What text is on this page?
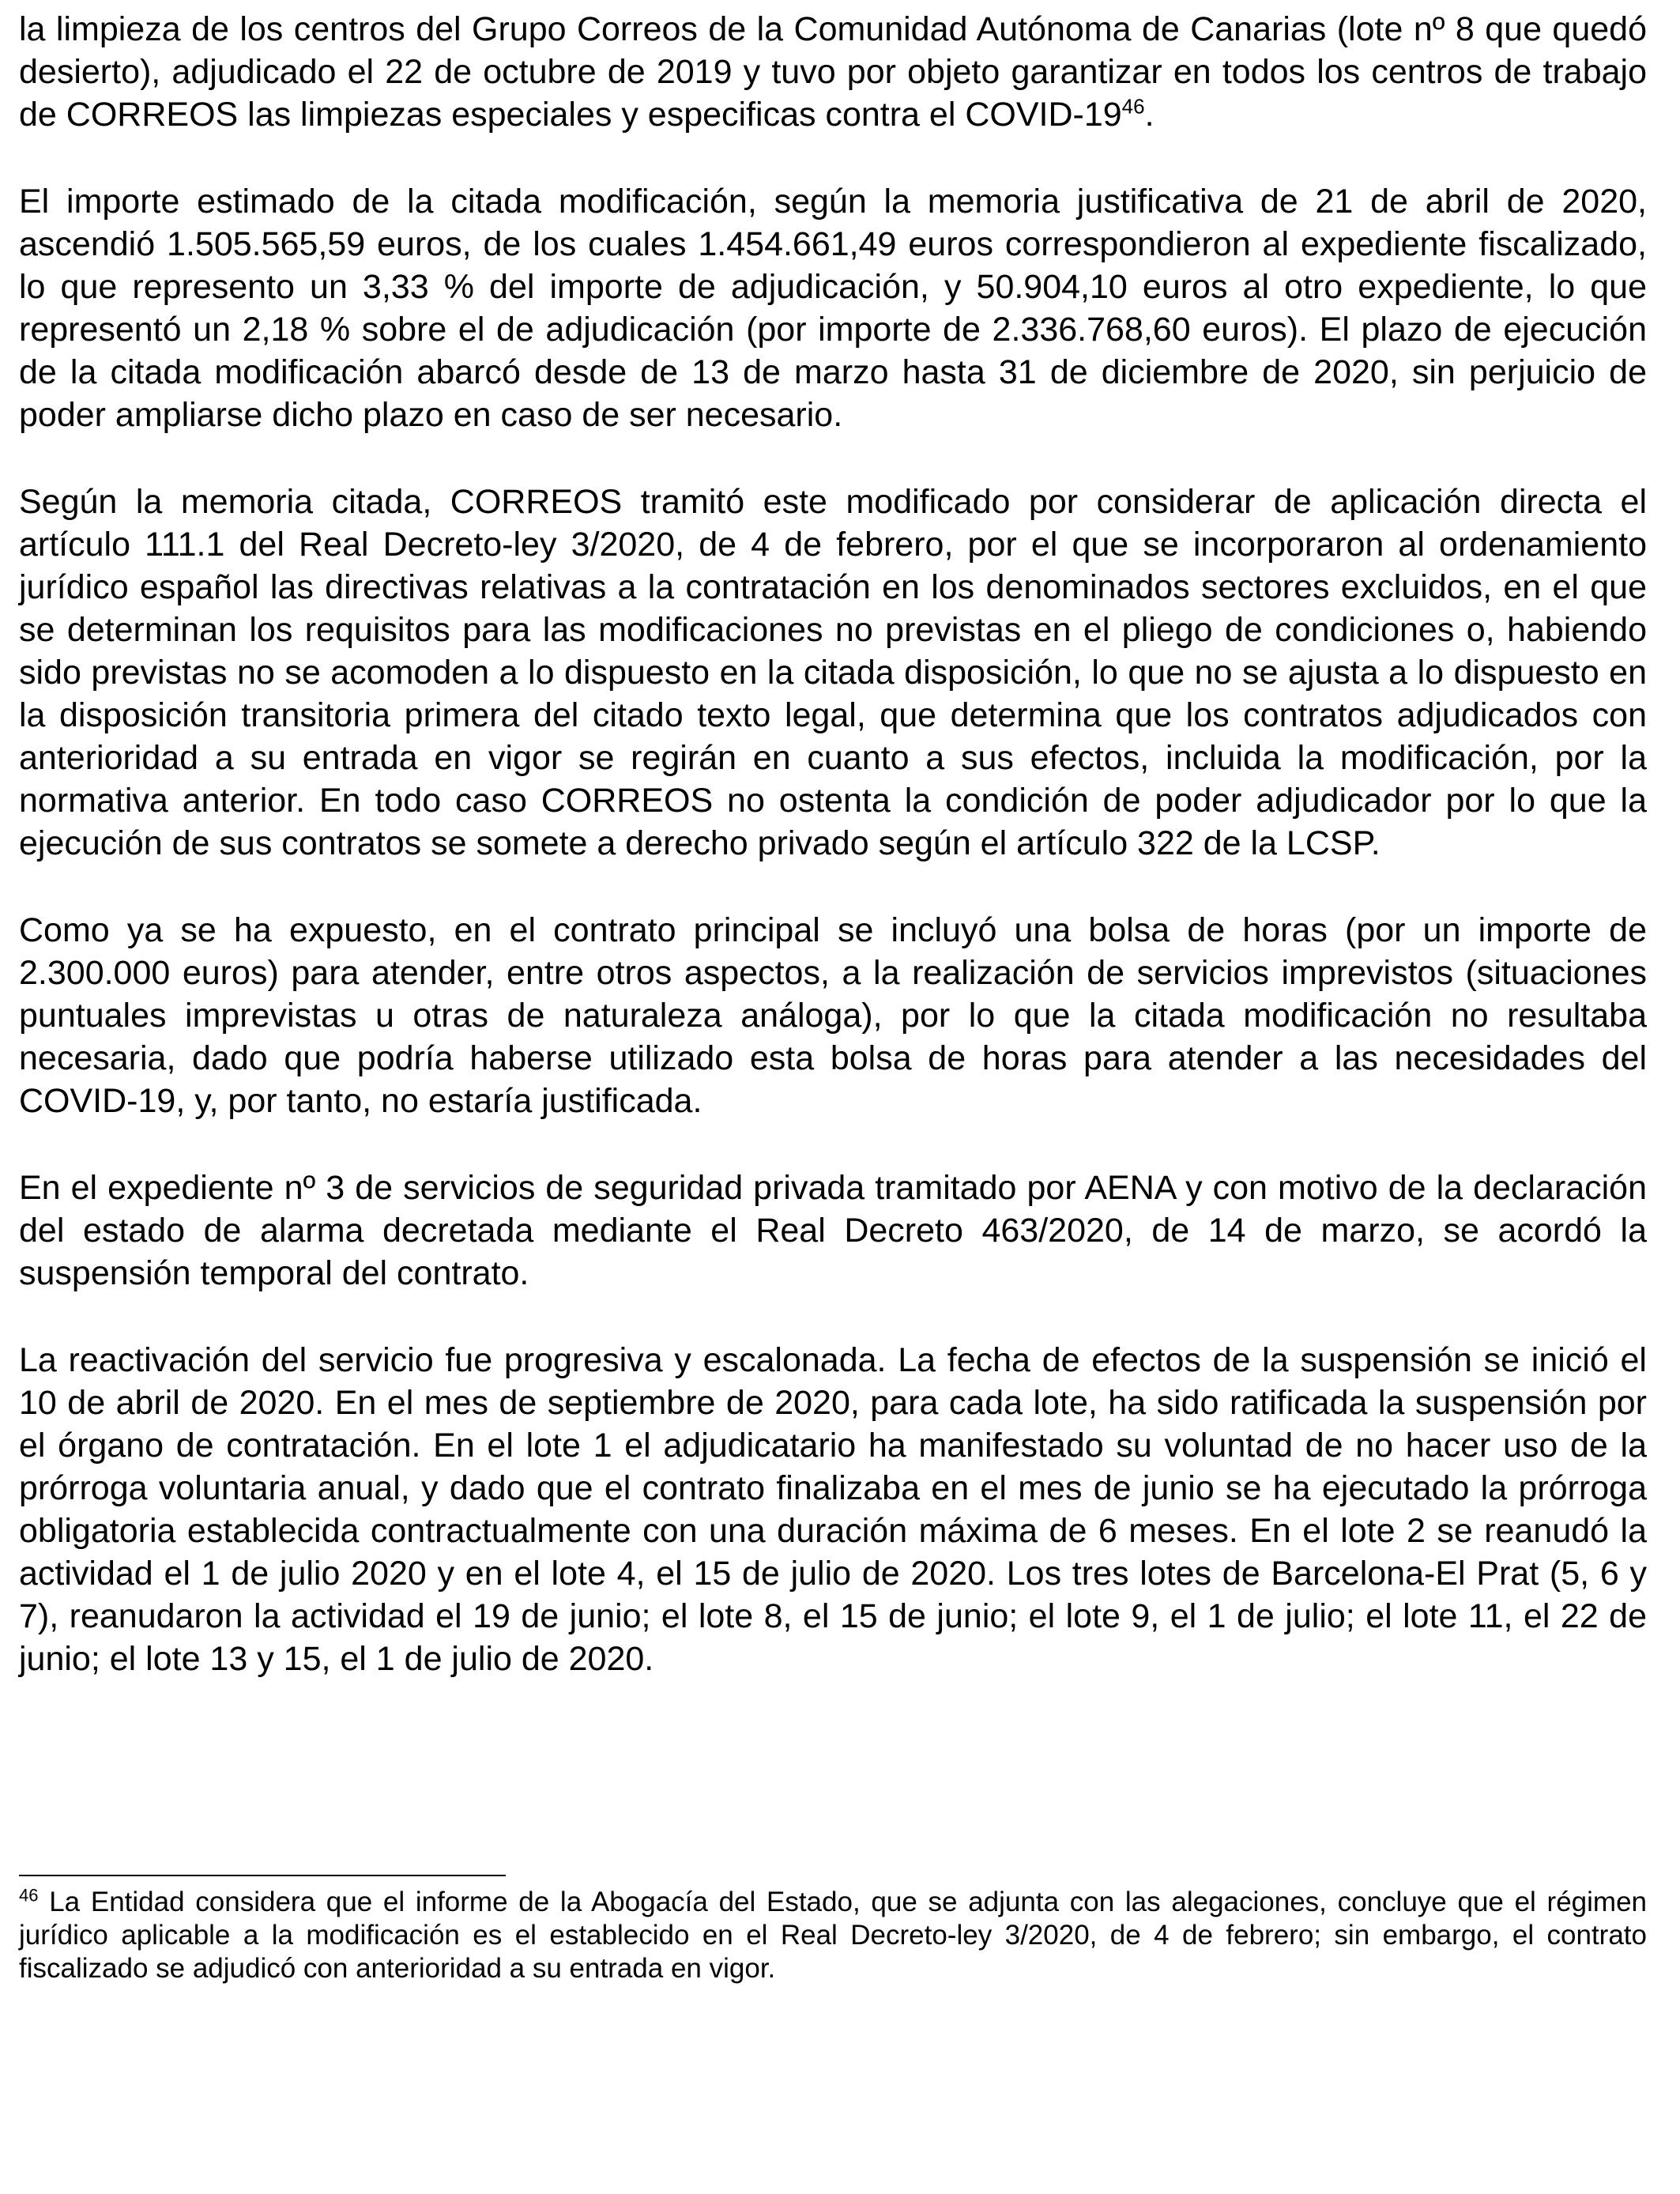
la limpieza de los centros del Grupo Correos de la Comunidad Autónoma de Canarias (lote nº 8 que quedó desierto), adjudicado el 22 de octubre de 2019 y tuvo por objeto garantizar en todos los centros de trabajo de CORREOS las limpiezas especiales y especificas contra el COVID-$19^{46}$.

El importe estimado de la citada modificación, según la memoria justificativa de 21 de abril de 2020, ascendió 1.505.565,59 euros, de los cuales 1.454.661,49 euros correspondieron al expediente fiscalizado, lo que represento un 3,33 % del importe de adjudicación, y 50.904,10 euros al otro expediente, lo que representó un 2,18 % sobre el de adjudicación (por importe de 2.336.768,60 euros). El plazo de ejecución de la citada modificación abarcó desde de 13 de marzo hasta 31 de diciembre de 2020, sin perjuicio de poder ampliarse dicho plazo en caso de ser necesario.

Según la memoria citada, CORREOS tramitó este modificado por considerar de aplicación directa el artículo 111.1 del Real Decreto-ley 3/2020, de 4 de febrero, por el que se incorporaron al ordenamiento jurídico español las directivas relativas a la contratación en los denominados sectores excluidos, en el que se determinan los requisitos para las modificaciones no previstas en el pliego de condiciones o, habiendo sido previstas no se acomoden a lo dispuesto en la citada disposición, lo que no se ajusta a lo dispuesto en la disposición transitoria primera del citado texto legal, que determina que los contratos adjudicados con anterioridad a su entrada en vigor se regirán en cuanto a sus efectos, incluida la modificación, por la normativa anterior. En todo caso CORREOS no ostenta la condición de poder adjudicador por lo que la ejecución de sus contratos se somete a derecho privado según el artículo 322 de la LCSP.

Como ya se ha expuesto, en el contrato principal se incluyó una bolsa de horas (por un importe de 2.300.000 euros) para atender, entre otros aspectos, a la realización de servicios imprevistos (situaciones puntuales imprevistas u otras de naturaleza análoga), por lo que la citada modificación no resultaba necesaria, dado que podría haberse utilizado esta bolsa de horas para atender a las necesidades del COVID-19, y, por tanto, no estaría justificada.

En el expediente nº 3 de servicios de seguridad privada tramitado por AENA y con motivo de la declaración del estado de alarma decretada mediante el Real Decreto 463/2020, de 14 de marzo, se acordó la suspensión temporal del contrato.

La reactivación del servicio fue progresiva y escalonada. La fecha de efectos de la suspensión se inició el 10 de abril de 2020. En el mes de septiembre de 2020, para cada lote, ha sido ratificada la suspensión por el órgano de contratación. En el lote 1 el adjudicatario ha manifestado su voluntad de no hacer uso de la prórroga voluntaria anual, y dado que el contrato finalizaba en el mes de junio se ha ejecutado la prórroga obligatoria establecida contractualmente con una duración máxima de 6 meses. En el lote 2 se reanudó la actividad el 1 de julio 2020 y en el lote 4, el 15 de julio de 2020. Los tres lotes de Barcelona-El Prat (5, 6 y 7), reanudaron la actividad el 19 de junio; el lote 8, el 15 de junio; el lote 9, el 1 de julio; el lote 11, el 22 de junio; el lote 13 y 15, el 1 de julio de 2020.

$^{46}$ La Entidad considera que el informe de la Abogacía del Estado, que se adjunta con las alegaciones, concluye que el régimen jurídico aplicable a la modificación es el establecido en el Real Decreto-ley 3/2020, de 4 de febrero; sin embargo, el contrato fiscalizado se adjudicó con anterioridad a su entrada en vigor.
